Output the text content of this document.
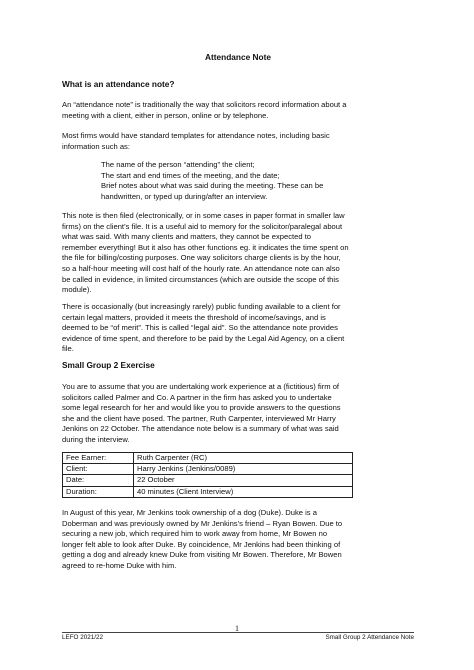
Attendance Note
What is an attendance note?
An “attendance note” is traditionally the way that solicitors record information about a
meeting with a client, either in person, online or by telephone.
Most firms would have standard templates for attendance notes, including basic
information such as:
The name of the person “attending” the client;
The start and end times of the meeting, and the date;
Brief notes about what was said during the meeting. These can be
handwritten, or typed up during/after an interview.
This note is then filed (electronically, or in some cases in paper format in smaller law
firms) on the client’s file. It is a useful aid to memory for the solicitor/paralegal about
what was said. With many clients and matters, they cannot be expected to
remember everything! But it also has other functions eg. it indicates the time spent on
the file for billing/costing purposes. One way solicitors charge clients is by the hour,
so a half-hour meeting will cost half of the hourly rate. An attendance note can also
be called in evidence, in limited circumstances (which are outside the scope of this
module).
There is occasionally (but increasingly rarely) public funding available to a client for
certain legal matters, provided it meets the threshold of income/savings, and is
deemed to be “of merit”. This is called “legal aid”. So the attendance note provides
evidence of time spent, and therefore to be paid by the Legal Aid Agency, on a client
file.
Small Group 2 Exercise
You are to assume that you are undertaking work experience at a (fictitious) firm of
solicitors called Palmer and Co. A partner in the firm has asked you to undertake
some legal research for her and would like you to provide answers to the questions
she and the client have posed. The partner, Ruth Carpenter, interviewed Mr Harry
Jenkins on 22 October. The attendance note below is a summary of what was said
during the interview.
Fee Earner:	Ruth Carpenter (RC)
Client:	Harry Jenkins (Jenkins/0089)
Date:	22 October
Duration:	40 minutes (Client Interview)
In August of this year, Mr Jenkins took ownership of a dog (Duke). Duke is a
Doberman and was previously owned by Mr Jenkins’s friend – Ryan Bowen. Due to
securing a new job, which required him to work away from home, Mr Bowen no
longer felt able to look after Duke. By coincidence, Mr Jenkins had been thinking of
getting a dog and already knew Duke from visiting Mr Bowen. Therefore, Mr Bowen
agreed to re-home Duke with him.
1
LEFO 2021/22	Small Group 2 Attendance Note
